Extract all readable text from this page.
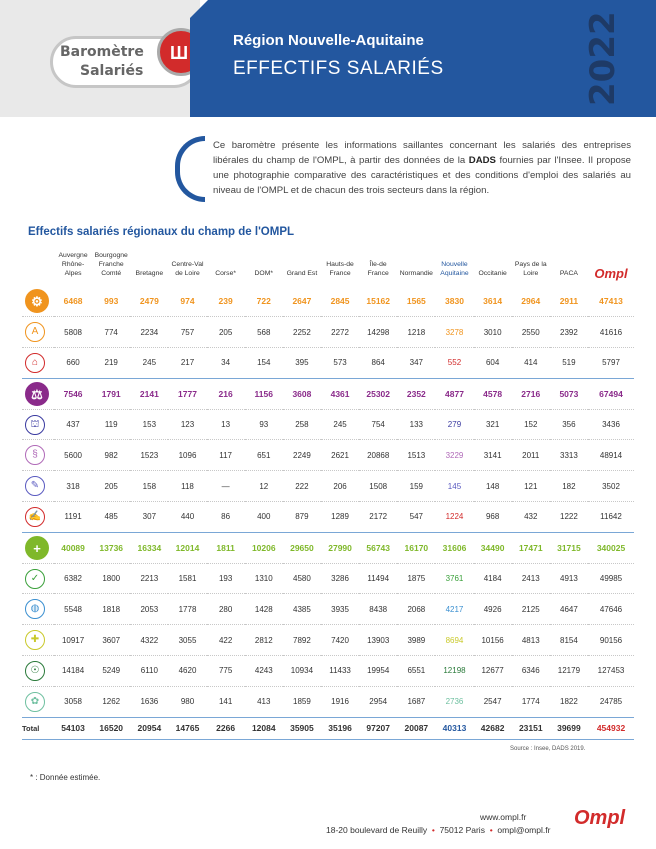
Baromètre
Salariés
Ш
Région Nouvelle-Aquitaine
EFFECTIFS SALARIÉS	2022

Ce baromètre présente les informations saillantes concernant les salariés des entreprises libérales du champ de l'OMPL, à partir des données de la DADS fournies par l'Insee. Il propose une photographie comparative des caractéristiques et des conditions d'emploi des salariés au niveau de l'OMPL et de chacun des trois secteurs dans la région.

Effectifs salariés régionaux du champ de l'OMPL
	Auvergne Rhône-Alpes	Bourgogne Franche Comté	Bretagne	Centre-Val de Loire	Corse*	DOM*	Grand Est	Hauts-de France	Île-de France	Normandie	Nouvelle Aquitaine	Occitanie	Pays de la Loire	PACA	Ompl
⚙	6468	993	2479	974	239	722	2647	2845	15162	1565	3830	3614	2964	2911	47413
A	5808	774	2234	757	205	568	2252	2272	14298	1218	3278	3010	2550	2392	41616
⌂	660	219	245	217	34	154	395	573	864	347	552	604	414	519	5797
⚖	7546	1791	2141	1777	216	1156	3608	4361	25302	2352	4877	4578	2716	5073	67494
⛫	437	119	153	123	13	93	258	245	754	133	279	321	152	356	3436
§	5600	982	1523	1096	117	651	2249	2621	20868	1513	3229	3141	2011	3313	48914
✎	318	205	158	118	—	12	222	206	1508	159	145	148	121	182	3502
✍	1191	485	307	440	86	400	879	1289	2172	547	1224	968	432	1222	11642
+	40089	13736	16334	12014	1811	10206	29650	27990	56743	16170	31606	34490	17471	31715	340025
✓	6382	1800	2213	1581	193	1310	4580	3286	11494	1875	3761	4184	2413	4913	49985
◍	5548	1818	2053	1778	280	1428	4385	3935	8438	2068	4217	4926	2125	4647	47646
✚	10917	3607	4322	3055	422	2812	7892	7420	13903	3989	8694	10156	4813	8154	90156
☉	14184	5249	6110	4620	775	4243	10934	11433	19954	6551	12198	12677	6346	12179	127453
✿	3058	1262	1636	980	141	413	1859	1916	2954	1687	2736	2547	1774	1822	24785
Total	54103	16520	20954	14765	2266	12084	35905	35196	97207	20087	40313	42682	23151	39699	454932
Source : Insee, DADS 2019.
* : Donnée estimée.
www.ompl.fr
18-20 boulevard de Reuilly  •  75012 Paris  •  ompl@ompl.fr
Ompl
